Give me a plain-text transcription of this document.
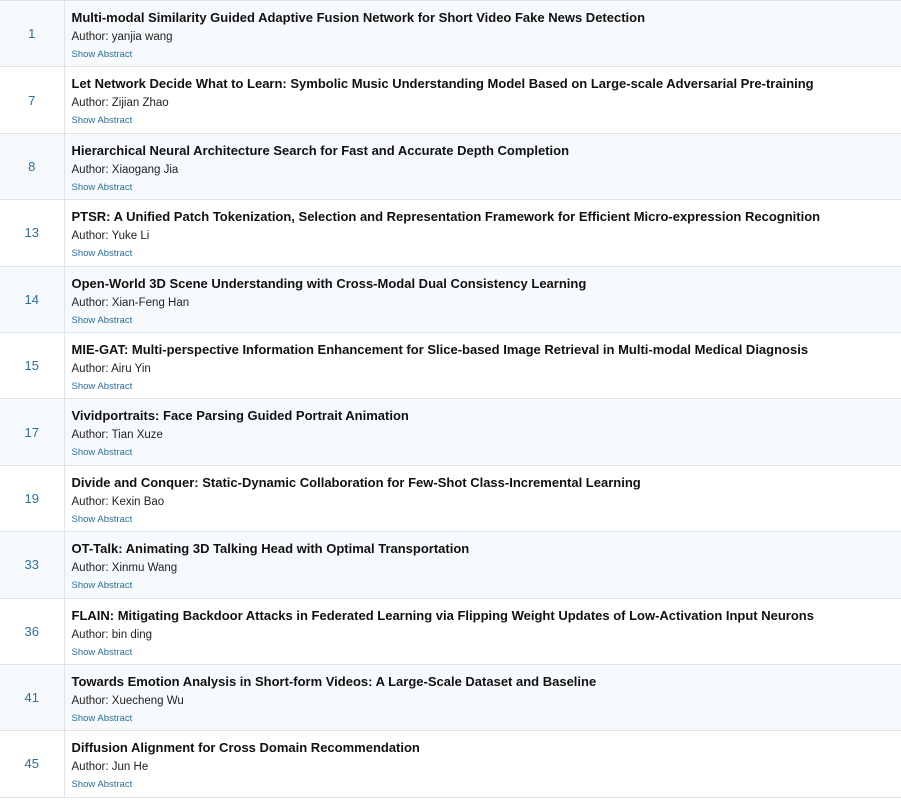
1	Multi-modal Similarity Guided Adaptive Fusion Network for Short Video Fake News Detection
Author: yanjia wang
Show Abstract

7	Let Network Decide What to Learn: Symbolic Music Understanding Model Based on Large-scale Adversarial Pre-training
Author: Zijian Zhao
Show Abstract

8	Hierarchical Neural Architecture Search for Fast and Accurate Depth Completion
Author: Xiaogang Jia
Show Abstract

13	PTSR: A Unified Patch Tokenization, Selection and Representation Framework for Efficient Micro-expression Recognition
Author: Yuke Li
Show Abstract

14	Open-World 3D Scene Understanding with Cross-Modal Dual Consistency Learning
Author: Xian-Feng Han
Show Abstract

15	MIE-GAT: Multi-perspective Information Enhancement for Slice-based Image Retrieval in Multi-modal Medical Diagnosis
Author: Airu Yin
Show Abstract

17	Vividportraits: Face Parsing Guided Portrait Animation
Author: Tian Xuze
Show Abstract

19	Divide and Conquer: Static-Dynamic Collaboration for Few-Shot Class-Incremental Learning
Author: Kexin Bao
Show Abstract

33	OT-Talk: Animating 3D Talking Head with Optimal Transportation
Author: Xinmu Wang
Show Abstract

36	FLAIN: Mitigating Backdoor Attacks in Federated Learning via Flipping Weight Updates of Low-Activation Input Neurons
Author: bin ding
Show Abstract

41	Towards Emotion Analysis in Short-form Videos: A Large-Scale Dataset and Baseline
Author: Xuecheng Wu
Show Abstract

45	Diffusion Alignment for Cross Domain Recommendation
Author: Jun He
Show Abstract
